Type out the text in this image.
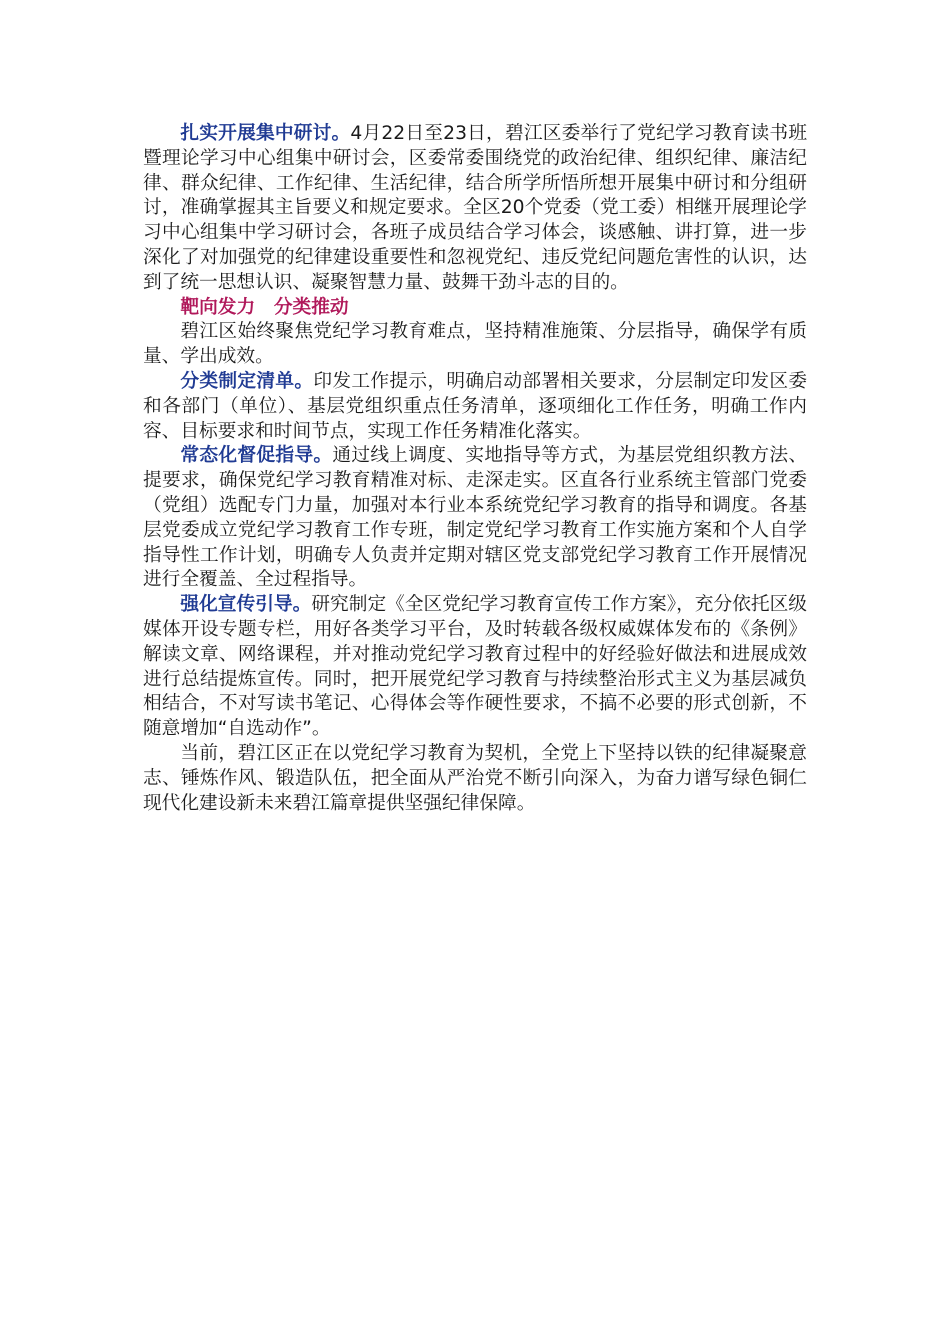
扎实开展集中研讨。4月22日至23日，碧江区委举行了党纪学习教育读书班暨理论学习中心组集中研讨会，区委常委围绕党的政治纪律、组织纪律、廉洁纪律、群众纪律、工作纪律、生活纪律，结合所学所悟所想开展集中研讨和分组研讨，准确掌握其主旨要义和规定要求。全区20个党委（党工委）相继开展理论学习中心组集中学习研讨会，各班子成员结合学习体会，谈感触、讲打算，进一步深化了对加强党的纪律建设重要性和忽视党纪、违反党纪问题危害性的认识，达到了统一思想认识、凝聚智慧力量、鼓舞干劲斗志的目的。

靶向发力 分类推动

碧江区始终聚焦党纪学习教育难点，坚持精准施策、分层指导，确保学有质量、学出成效。

分类制定清单。印发工作提示，明确启动部署相关要求，分层制定印发区委和各部门（单位）、基层党组织重点任务清单，逐项细化工作任务，明确工作内容、目标要求和时间节点，实现工作任务精准化落实。

常态化督促指导。通过线上调度、实地指导等方式，为基层党组织教方法、提要求，确保党纪学习教育精准对标、走深走实。区直各行业系统主管部门党委（党组）选配专门力量，加强对本行业本系统党纪学习教育的指导和调度。各基层党委成立党纪学习教育工作专班，制定党纪学习教育工作实施方案和个人自学指导性工作计划，明确专人负责并定期对辖区党支部党纪学习教育工作开展情况进行全覆盖、全过程指导。

强化宣传引导。研究制定《全区党纪学习教育宣传工作方案》，充分依托区级媒体开设专题专栏，用好各类学习平台，及时转载各级权威媒体发布的《条例》解读文章、网络课程，并对推动党纪学习教育过程中的好经验好做法和进展成效进行总结提炼宣传。同时，把开展党纪学习教育与持续整治形式主义为基层减负相结合，不对写读书笔记、心得体会等作硬性要求，不搞不必要的形式创新，不随意增加“自选动作”。

当前，碧江区正在以党纪学习教育为契机，全党上下坚持以铁的纪律凝聚意志、锤炼作风、锻造队伍，把全面从严治党不断引向深入，为奋力谱写绿色铜仁现代化建设新未来碧江篇章提供坚强纪律保障。
